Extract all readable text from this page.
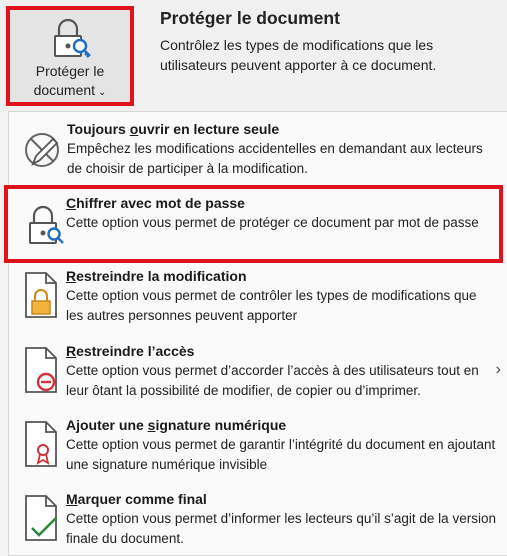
Protéger le
document ⌄
Protéger le document
Contrôlez les types de modifications que les utilisateurs peuvent apporter à ce document.
Toujours ouvrir en lecture seule
Empêchez les modifications accidentelles en demandant aux lecteurs de choisir de participer à la modification.
Chiffrer avec mot de passe
Cette option vous permet de protéger ce document par mot de passe
Restreindre la modification
Cette option vous permet de contrôler les types de modifications que les autres personnes peuvent apporter
Restreindre l’accès
Cette option vous permet d’accorder l’accès à des utilisateurs tout en leur ôtant la possibilité de modifier, de copier ou d’imprimer.
›
Ajouter une signature numérique
Cette option vous permet de garantir l’intégrité du document en ajoutant une signature numérique invisible
Marquer comme final
Cette option vous permet d’informer les lecteurs qu’il s’agit de la version finale du document.
